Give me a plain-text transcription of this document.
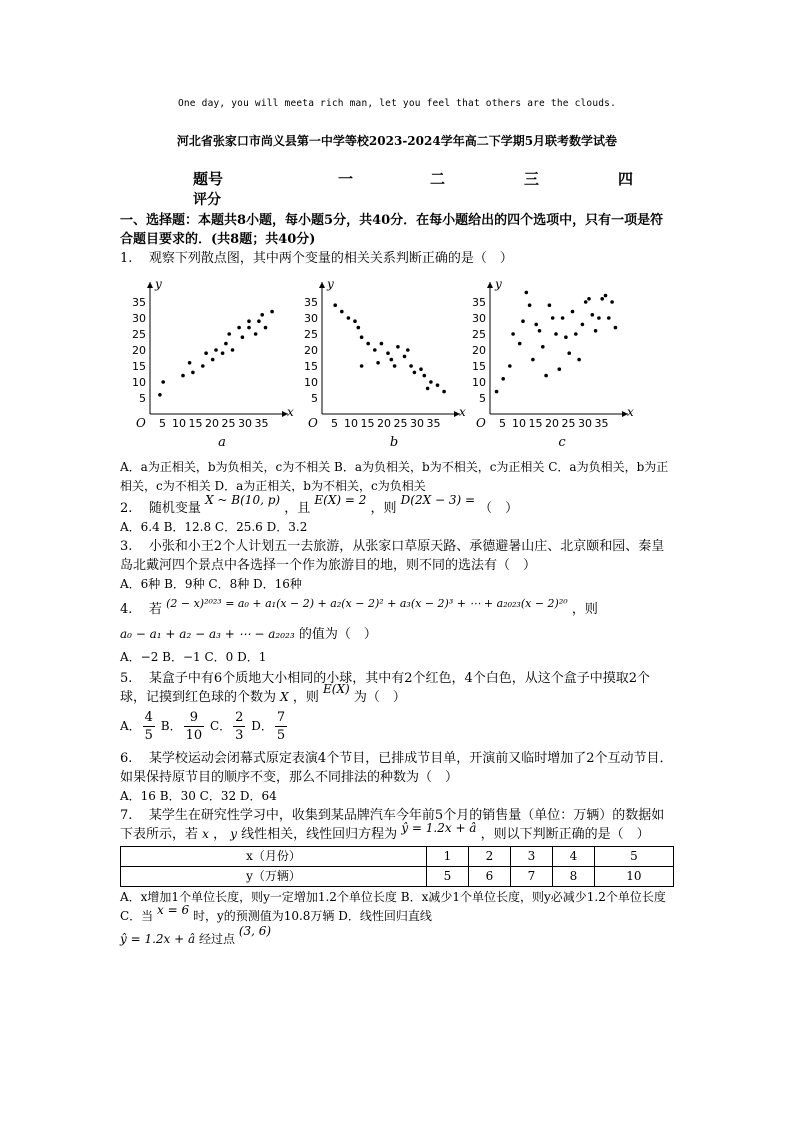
One day, you will meeta rich man, let you feel that others are the clouds.
河北省张家口市尚义县第一中学等校2023-2024学年高二下学期5月联考数学试卷
题号	一	二	三	四
评分
一、选择题：本题共8小题，每小题5分，共40分．在每小题给出的四个选项中，只有一项是符合题目要求的．(共8题；共40分)
1.    观察下列散点图，其中两个变量的相关关系判断正确的是（　）
y
x
O 5
5
10
10
15
15
20
20
25
25
30
30
35
35
a
y
x
O 5
5
10
10
15
15
20
20
25
25
30
30
35
35
b
y
x
O 5
5
10
10
15
15
20
20
25
25
30
30
35
35
c
A．a为正相关，b为负相关，c为不相关 B．a为负相关，b为不相关，c为正相关 C．a为负相关，b为正相关，c为不相关 D．a为正相关，b为不相关，c为负相关
2.    随机变量 X ~ B(10, p) ，且 E(X) = 2 ，则 D(2X − 3) = （　）
A．6.4 B．12.8 C．25.6 D．3.2
3.    小张和小王2个人计划五一去旅游，从张家口草原天路、承德避暑山庄、北京颐和园、秦皇岛北戴河四个景点中各选择一个作为旅游目的地，则不同的选法有（　）
A．6种 B．9种 C．8种 D．16种
4.    若 $^{(2 - x)^{2023} = a_0 + a_1(x - 2) + a_2(x - 2)^2 + a_3(x - 2)^3 + \cdots + a_{2023}(x - 2)^{20}}$ ，则
a₀ − a₁ + a₂ − a₃ + ⋯ − a₂₀₂₃ 的值为（　）
A．−2 B．−1 C．0 D．1
5.    某盒子中有6个质地大小相同的小球，其中有2个红色，4个白色，从这个盒子中摸取2个球，记摸到红色球的个数为 X ，则 E(X) 为（　）
A． $\frac{4}{5}$ B． $\frac{9}{10}$ C． $\frac{2}{3}$ D． $\frac{7}{5}$
6.    某学校运动会闭幕式原定表演4个节目，已排成节目单，开演前又临时增加了2个互动节目．如果保持原节目的顺序不变，那么不同排法的种数为（　）
A．16 B．30 C．32 D．64
7.    某学生在研究性学习中，收集到某品牌汽车今年前5个月的销售量（单位：万辆）的数据如下表所示，若 x ， y 线性相关，线性回归方程为 ŷ = 1.2x + â ，则以下判断正确的是（　）
x（月份）	1	2	3	4	5
y（万辆）	5	6	7	8	10
A．x增加1个单位长度，则y一定增加1.2个单位长度 B．x减少1个单位长度，则y必减少1.2个单位长度 C．当 x = 6 时，y的预测值为10.8万辆 D．线性回归直线
ŷ = 1.2x + â 经过点 (3, 6)
